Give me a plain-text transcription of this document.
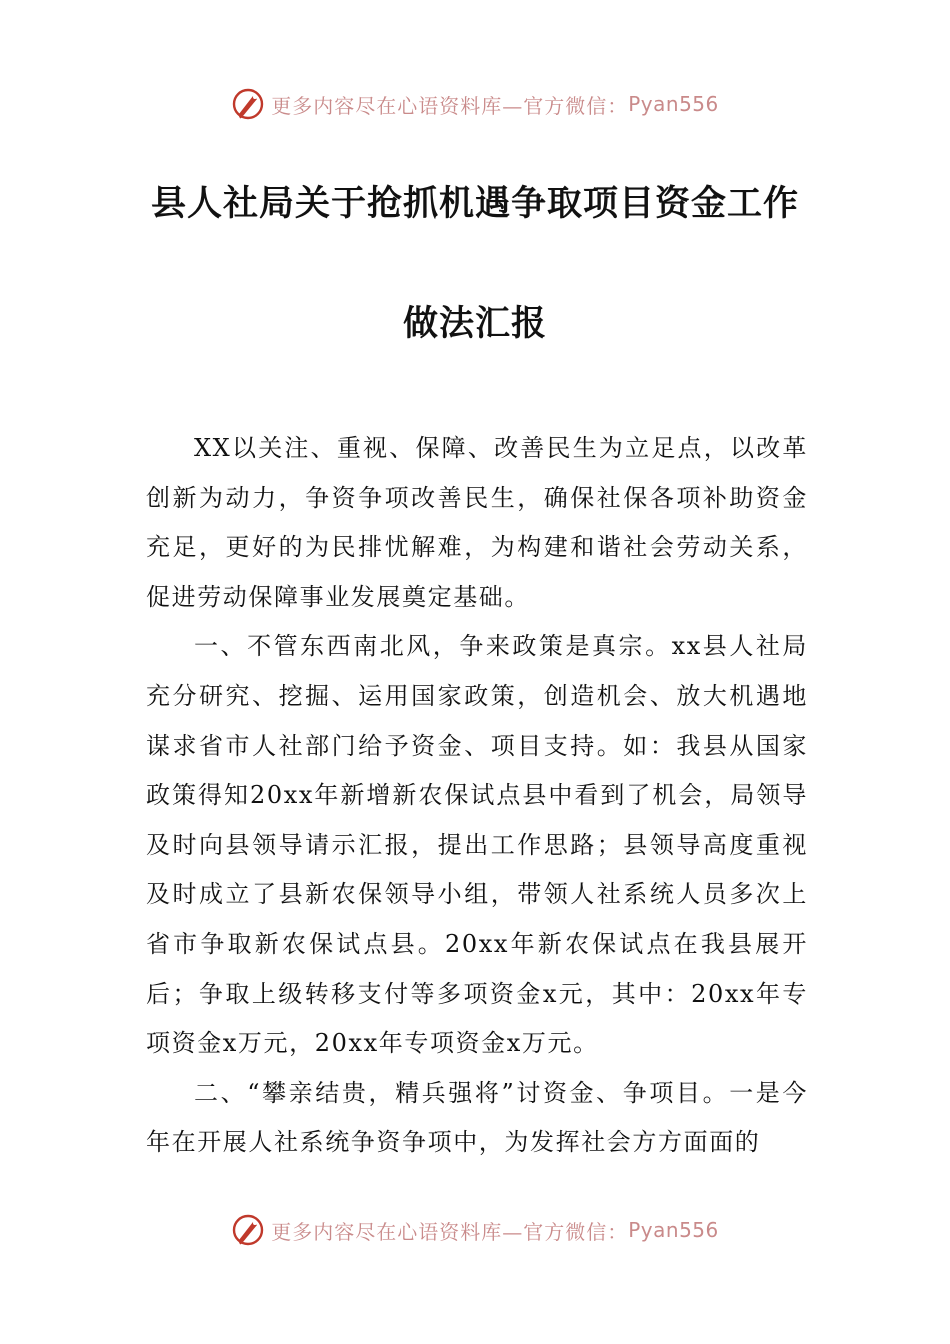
更多内容尽在心语资料库—官方微信： Pyan556
县人社局关于抢抓机遇争取项目资金工作
做法汇报

XX以关注、重视、保障、改善民生为立足点，以改革创新为动力，争资争项改善民生，确保社保各项补助资金充足，更好的为民排忧解难，为构建和谐社会劳动关系，促进劳动保障事业发展奠定基础。

一、不管东西南北风，争来政策是真宗。xx县人社局充分研究、挖掘、运用国家政策，创造机会、放大机遇地谋求省市人社部门给予资金、项目支持。如：我县从国家政策得知20xx年新增新农保试点县中看到了机会，局领导及时向县领导请示汇报，提出工作思路；县领导高度重视及时成立了县新农保领导小组，带领人社系统人员多次上省市争取新农保试点县。20xx年新农保试点在我县展开后；争取上级转移支付等多项资金x元，其中：20xx年专项资金x万元，20xx年专项资金x万元。

二、“攀亲结贵，精兵强将”讨资金、争项目。一是今年在开展人社系统争资争项中，为发挥社会方方面面的

更多内容尽在心语资料库—官方微信： Pyan556
